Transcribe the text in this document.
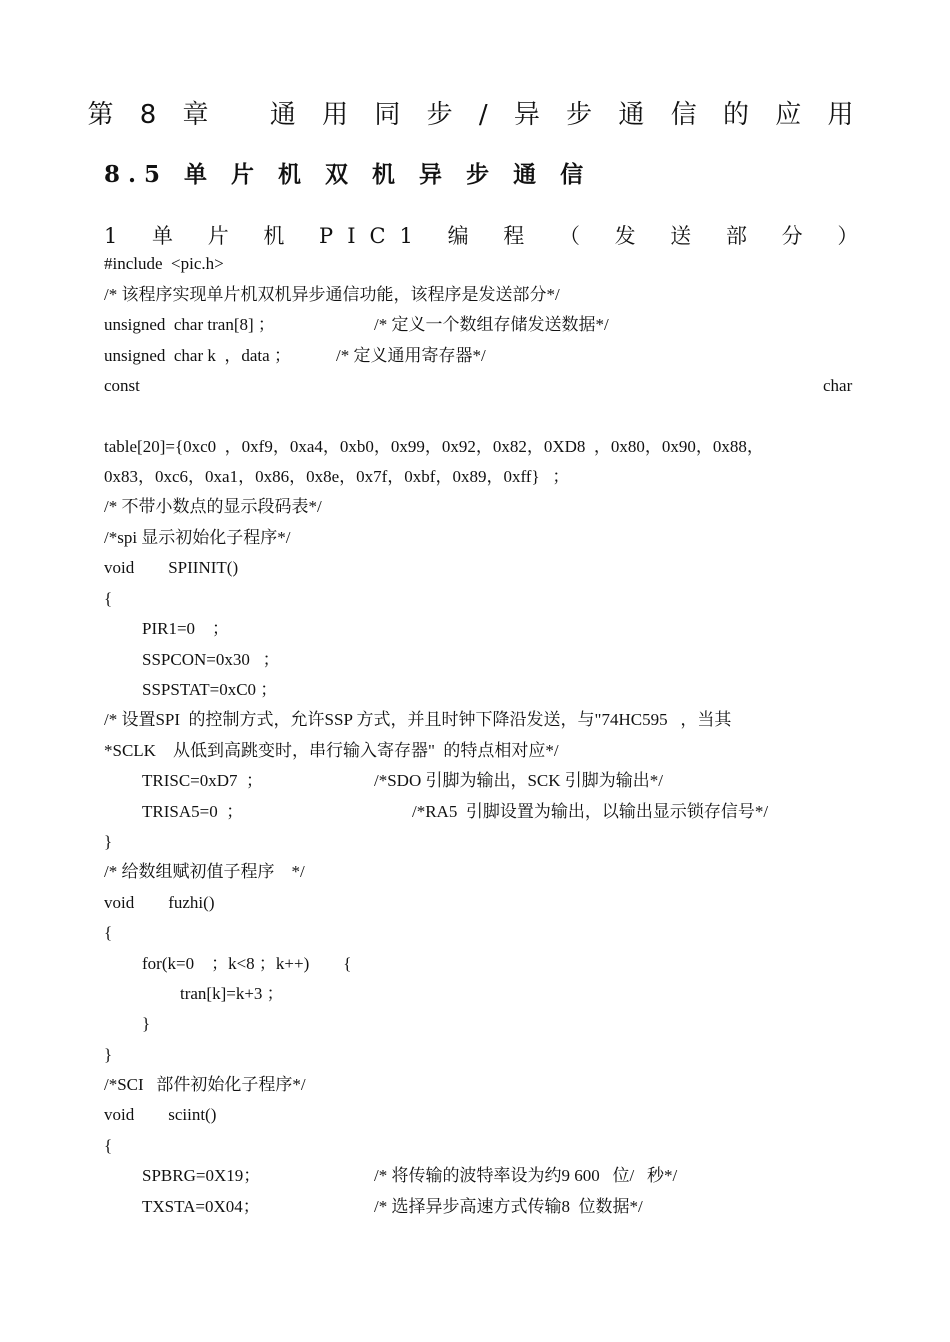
第 8 章　 通 用 同 步 / 异 步 通 信 的 应 用
8.5 单 片 机 双 机 异 步 通 信
1 单 片 机 PIC1 编 程 （ 发 送 部 分 ）
#include  <pic.h>
/* 该程序实现单片机双机异步通信功能，该程序是发送部分*/
unsigned  char tran[8] ；	/* 定义一个数组存储发送数据*/
unsigned  char k  ，data ；	/* 定义通用寄存器*/
const	char
table[20]={0xc0  ，0xf9，0xa4，0xb0，0x99，0x92，0x82，0XD8  ，0x80，0x90，0x88，
0x83，0xc6，0xa1，0x86，0x8e，0x7f，0xbf，0x89，0xff}   ；
/* 不带小数点的显示段码表*/
/*spi 显示初始化子程序*/
void        SPIINIT()
{
PIR1=0    ；
SSPCON=0x30   ；
SSPSTAT=0xC0 ；
/* 设置SPI  的控制方式，允许SSP 方式，并且时钟下降沿发送，与"74HC595   ，当其
*SCLK    从低到高跳变时，串行输入寄存器"  的特点相对应*/
TRISC=0xD7  ；	/*SDO 引脚为输出，SCK 引脚为输出*/
TRISA5=0  ；	/*RA5  引脚设置为输出，以输出显示锁存信号*/
}
/* 给数组赋初值子程序    */
void        fuzhi()
{
for(k=0    ；k<8 ；k++)        {
tran[k]=k+3 ；
}
}
/*SCI   部件初始化子程序*/
void        sciint()
{
SPBRG=0X19；	/* 将传输的波特率设为约9 600   位/   秒*/
TXSTA=0X04；	/* 选择异步高速方式传输8  位数据*/
